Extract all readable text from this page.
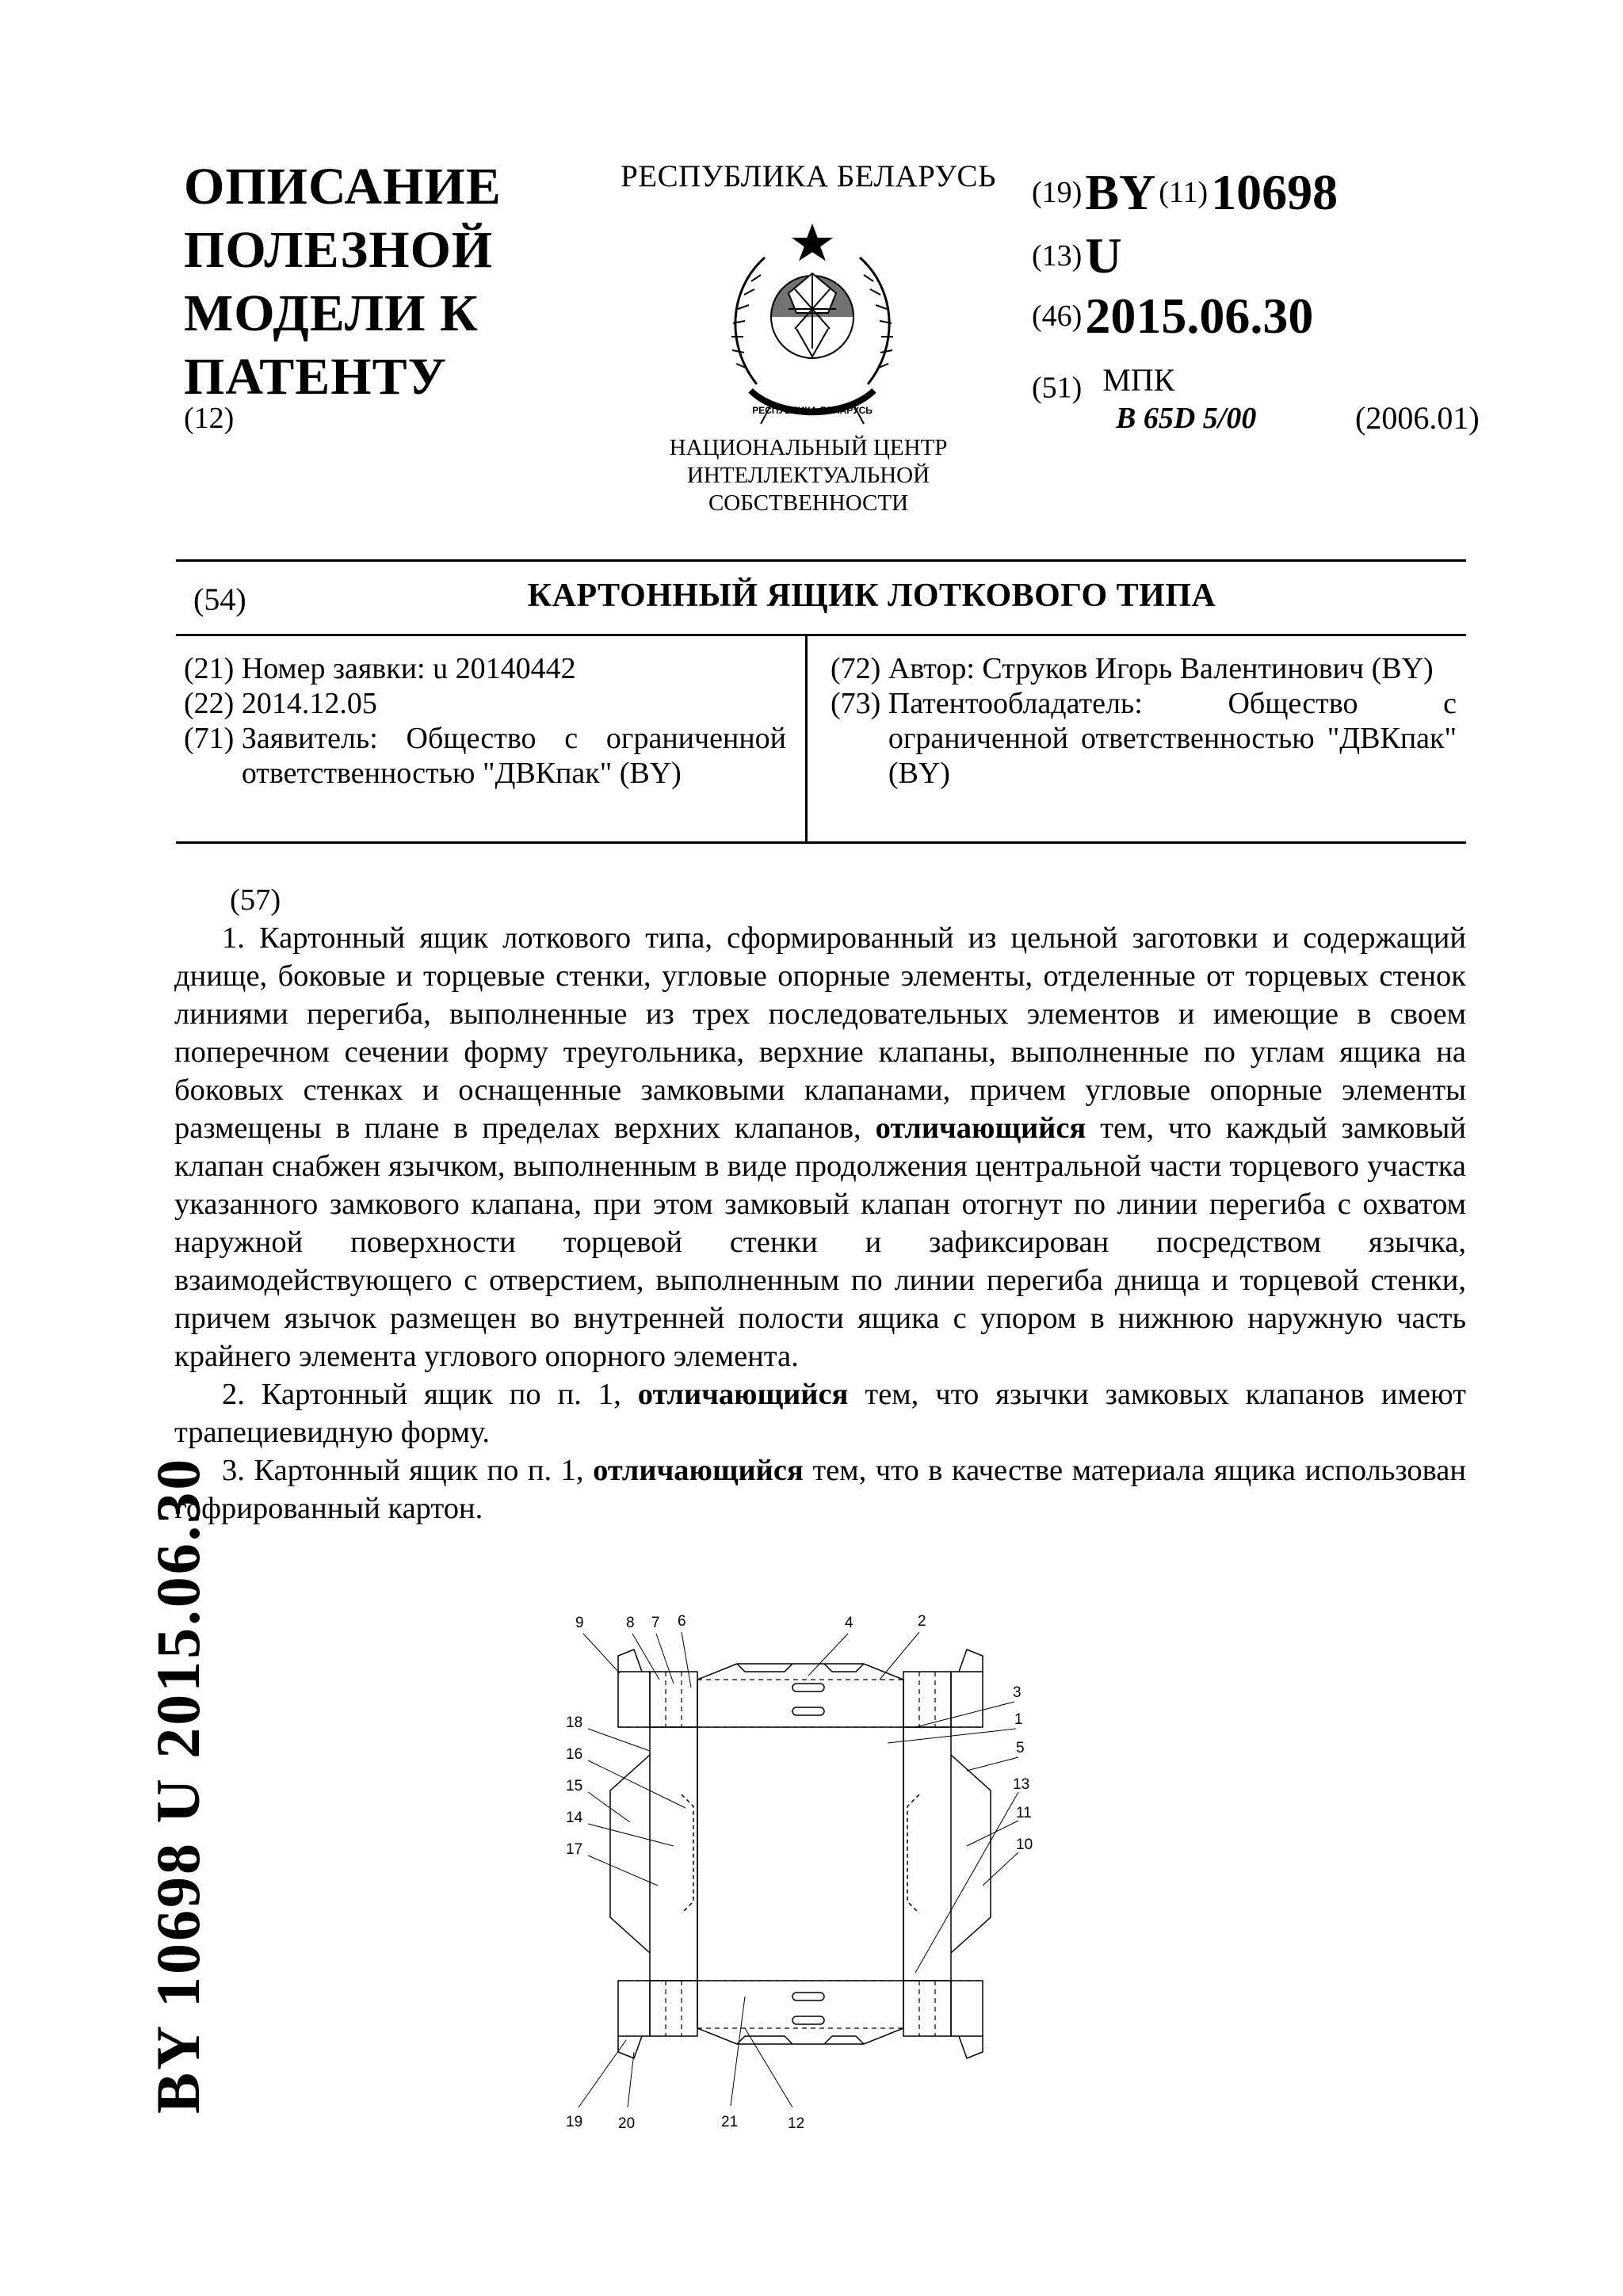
ОПИСАНИЕ
ПОЛЕЗНОЙ
МОДЕЛИ К
ПАТЕНТУ
(12)
РЕСПУБЛИКА БЕЛАРУСЬ
РЕСПУБЛИКА БЕЛАРУСЬ
НАЦИОНАЛЬНЫЙ ЦЕНТР
ИНТЕЛЛЕКТУАЛЬНОЙ
СОБСТВЕННОСТИ
(19) BY (11) 10698
(13) U
(46) 2015.06.30
(51) МПК
B 65D 5/00	(2006.01)
(54)	КАРТОННЫЙ ЯЩИК ЛОТКОВОГО ТИПА
(21) Номер заявки: u 20140442
(22) 2014.12.05
(71) Заявитель: Общество с ограниченной ответственностью "ДВКпак" (BY)
(72) Автор: Струков Игорь Валентинович (BY)
(73) Патентообладатель: Общество с ограниченной ответственностью "ДВКпак" (BY)

(57)

1. Картонный ящик лоткового типа, сформированный из цельной заготовки и содержащий днище, боковые и торцевые стенки, угловые опорные элементы, отделенные от торцевых стенок линиями перегиба, выполненные из трех последовательных элементов и имеющие в своем поперечном сечении форму треугольника, верхние клапаны, выполненные по углам ящика на боковых стенках и оснащенные замковыми клапанами, причем угловые опорные элементы размещены в плане в пределах верхних клапанов, отличающийся тем, что каждый замковый клапан снабжен язычком, выполненным в виде продолжения центральной части торцевого участка указанного замкового клапана, при этом замковый клапан отогнут по линии перегиба с охватом наружной поверхности торцевой стенки и зафиксирован посредством язычка, взаимодействующего с отверстием, выполненным по линии перегиба днища и торцевой стенки, причем язычок размещен во внутренней полости ящика с упором в нижнюю наружную часть крайнего элемента углового опорного элемента.

2. Картонный ящик по п. 1, отличающийся тем, что язычки замковых клапанов имеют трапециевидную форму.

3. Картонный ящик по п. 1, отличающийся тем, что в качестве материала ящика использован гофрированный картон.

BY 10698 U 2015.06.30	9	8 7 6	4	2
3
1
5
18
16
15
14
17
13
11
10
19 20	21	12
